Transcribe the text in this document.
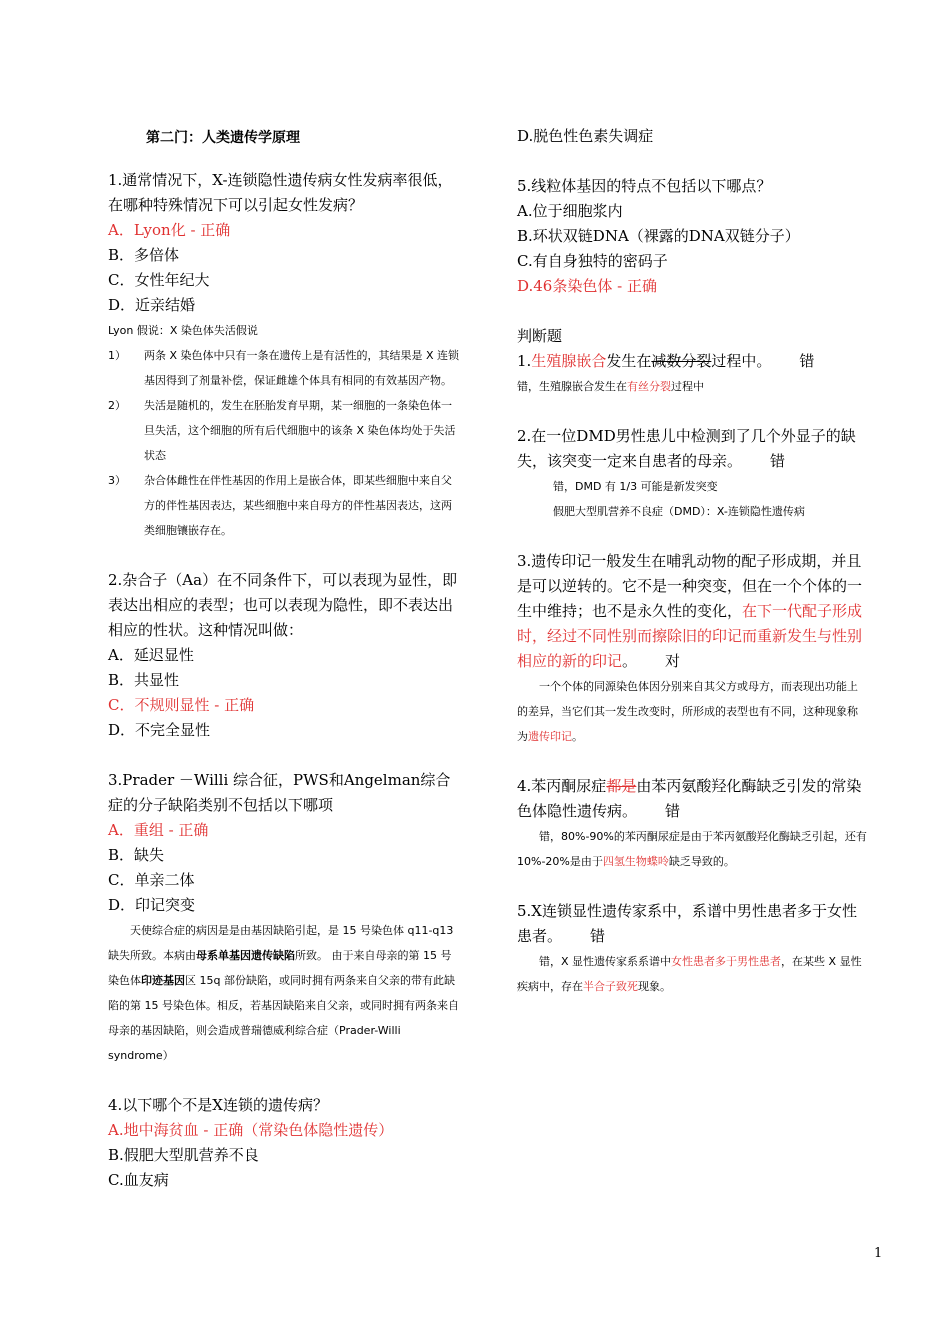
第二门：人类遗传学原理

1.通常情况下，X-连锁隐性遗传病女性发病率很低，在哪种特殊情况下可以引起女性发病？

A．Lyon化 - 正确

B．多倍体

C．女性年纪大

D．近亲结婚

Lyon 假说：X 染色体失活假说

1）	两条 X 染色体中只有一条在遗传上是有活性的，其结果是 X 连锁基因得到了剂量补偿，保证雌雄个体具有相同的有效基因产物。
2）	失活是随机的，发生在胚胎发育早期，某一细胞的一条染色体一旦失活，这个细胞的所有后代细胞中的该条 X 染色体均处于失活状态
3）	杂合体雌性在伴性基因的作用上是嵌合体，即某些细胞中来自父方的伴性基因表达，某些细胞中来自母方的伴性基因表达，这两类细胞镶嵌存在。

2.杂合子（Aa）在不同条件下，可以表现为显性，即表达出相应的表型；也可以表现为隐性，即不表达出相应的性状。这种情况叫做：

A．延迟显性

B．共显性

C．不规则显性 - 正确

D．不完全显性

3.Prader －Willi 综合征，PWS和Angelman综合症的分子缺陷类别不包括以下哪项

A．重组 - 正确

B．缺失

C．单亲二体

D．印记突变

天使综合症的病因是是由基因缺陷引起，是 15 号染色体 q11-q13 缺失所致。本病由母系单基因遗传缺陷所致。 由于来自母亲的第 15 号染色体印迹基因区 15q 部份缺陷，或同时拥有两条来自父亲的带有此缺陷的第 15 号染色体。相反，若基因缺陷来自父亲，或同时拥有两条来自母亲的基因缺陷，则会造成普瑞德威利综合症（Prader-Willi syndrome）

4.以下哪个不是X连锁的遗传病？

A.地中海贫血 - 正确（常染色体隐性遗传）

B.假肥大型肌营养不良

C.血友病

D.脱色性色素失调症

5.线粒体基因的特点不包括以下哪点？

A.位于细胞浆内

B.环状双链DNA（裸露的DNA双链分子）

C.有自身独特的密码子

D.46条染色体 - 正确

判断题

1.生殖腺嵌合发生在减数分裂过程中。 错

错，生殖腺嵌合发生在有丝分裂过程中

2.在一位DMD男性患儿中检测到了几个外显子的缺失，该突变一定来自患者的母亲。 错

错，DMD 有 1/3 可能是新发突变

假肥大型肌营养不良症（DMD）：X-连锁隐性遗传病

3.遗传印记一般发生在哺乳动物的配子形成期，并且是可以逆转的。它不是一种突变，但在一个个体的一生中维持；也不是永久性的变化，在下一代配子形成时，经过不同性别而擦除旧的印记而重新发生与性别相应的新的印记。 对

一个个体的同源染色体因分别来自其父方或母方，而表现出功能上的差异，当它们其一发生改变时，所形成的表型也有不同，这种现象称为遗传印记。

4.苯丙酮尿症都是由苯丙氨酸羟化酶缺乏引发的常染色体隐性遗传病。 错

错，80%-90%的苯丙酮尿症是由于苯丙氨酸羟化酶缺乏引起，还有 10%-20%是由于四氢生物蝶呤缺乏导致的。

5.X连锁显性遗传家系中，系谱中男性患者多于女性患者。 错

错，X 显性遗传家系系谱中女性患者多于男性患者，在某些 X 显性疾病中，存在半合子致死现象。

1
